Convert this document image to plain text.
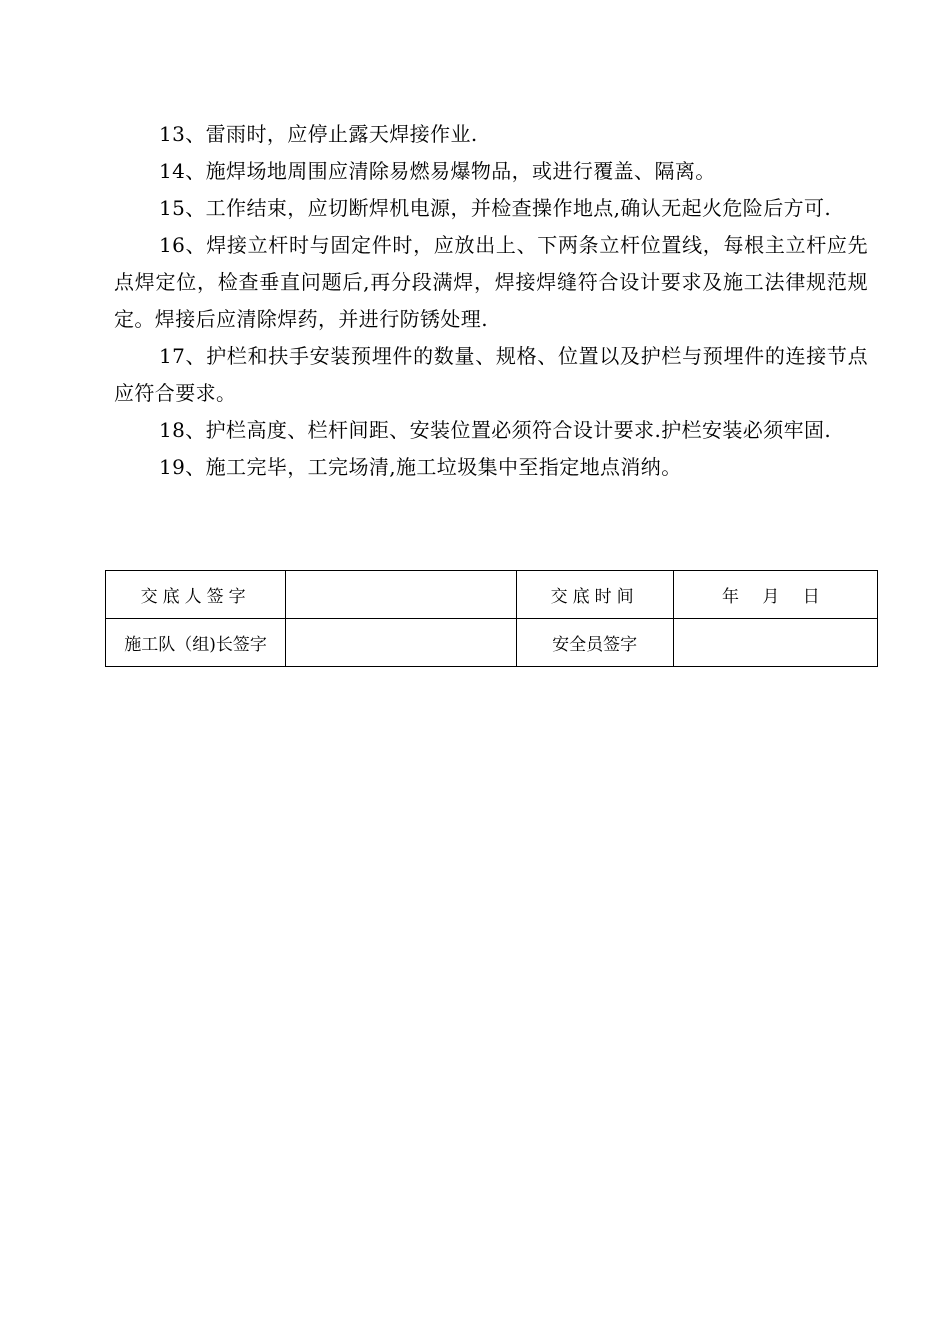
13、雷雨时，应停止露天焊接作业.

14、施焊场地周围应清除易燃易爆物品，或进行覆盖、隔离。

15、工作结束，应切断焊机电源，并检查操作地点,确认无起火危险后方可.

16、焊接立杆时与固定件时，应放出上、下两条立杆位置线，每根主立杆应先点焊定位，检查垂直问题后,再分段满焊，焊接焊缝符合设计要求及施工法律规范规定。焊接后应清除焊药，并进行防锈处理.

17、护栏和扶手安装预埋件的数量、规格、位置以及护栏与预埋件的连接节点应符合要求。

18、护栏高度、栏杆间距、安装位置必须符合设计要求.护栏安装必须牢固.

19、施工完毕，工完场清,施工垃圾集中至指定地点消纳。

交底人签字		交底时间	年 月 日
施工队（组)长签字		安全员签字	
